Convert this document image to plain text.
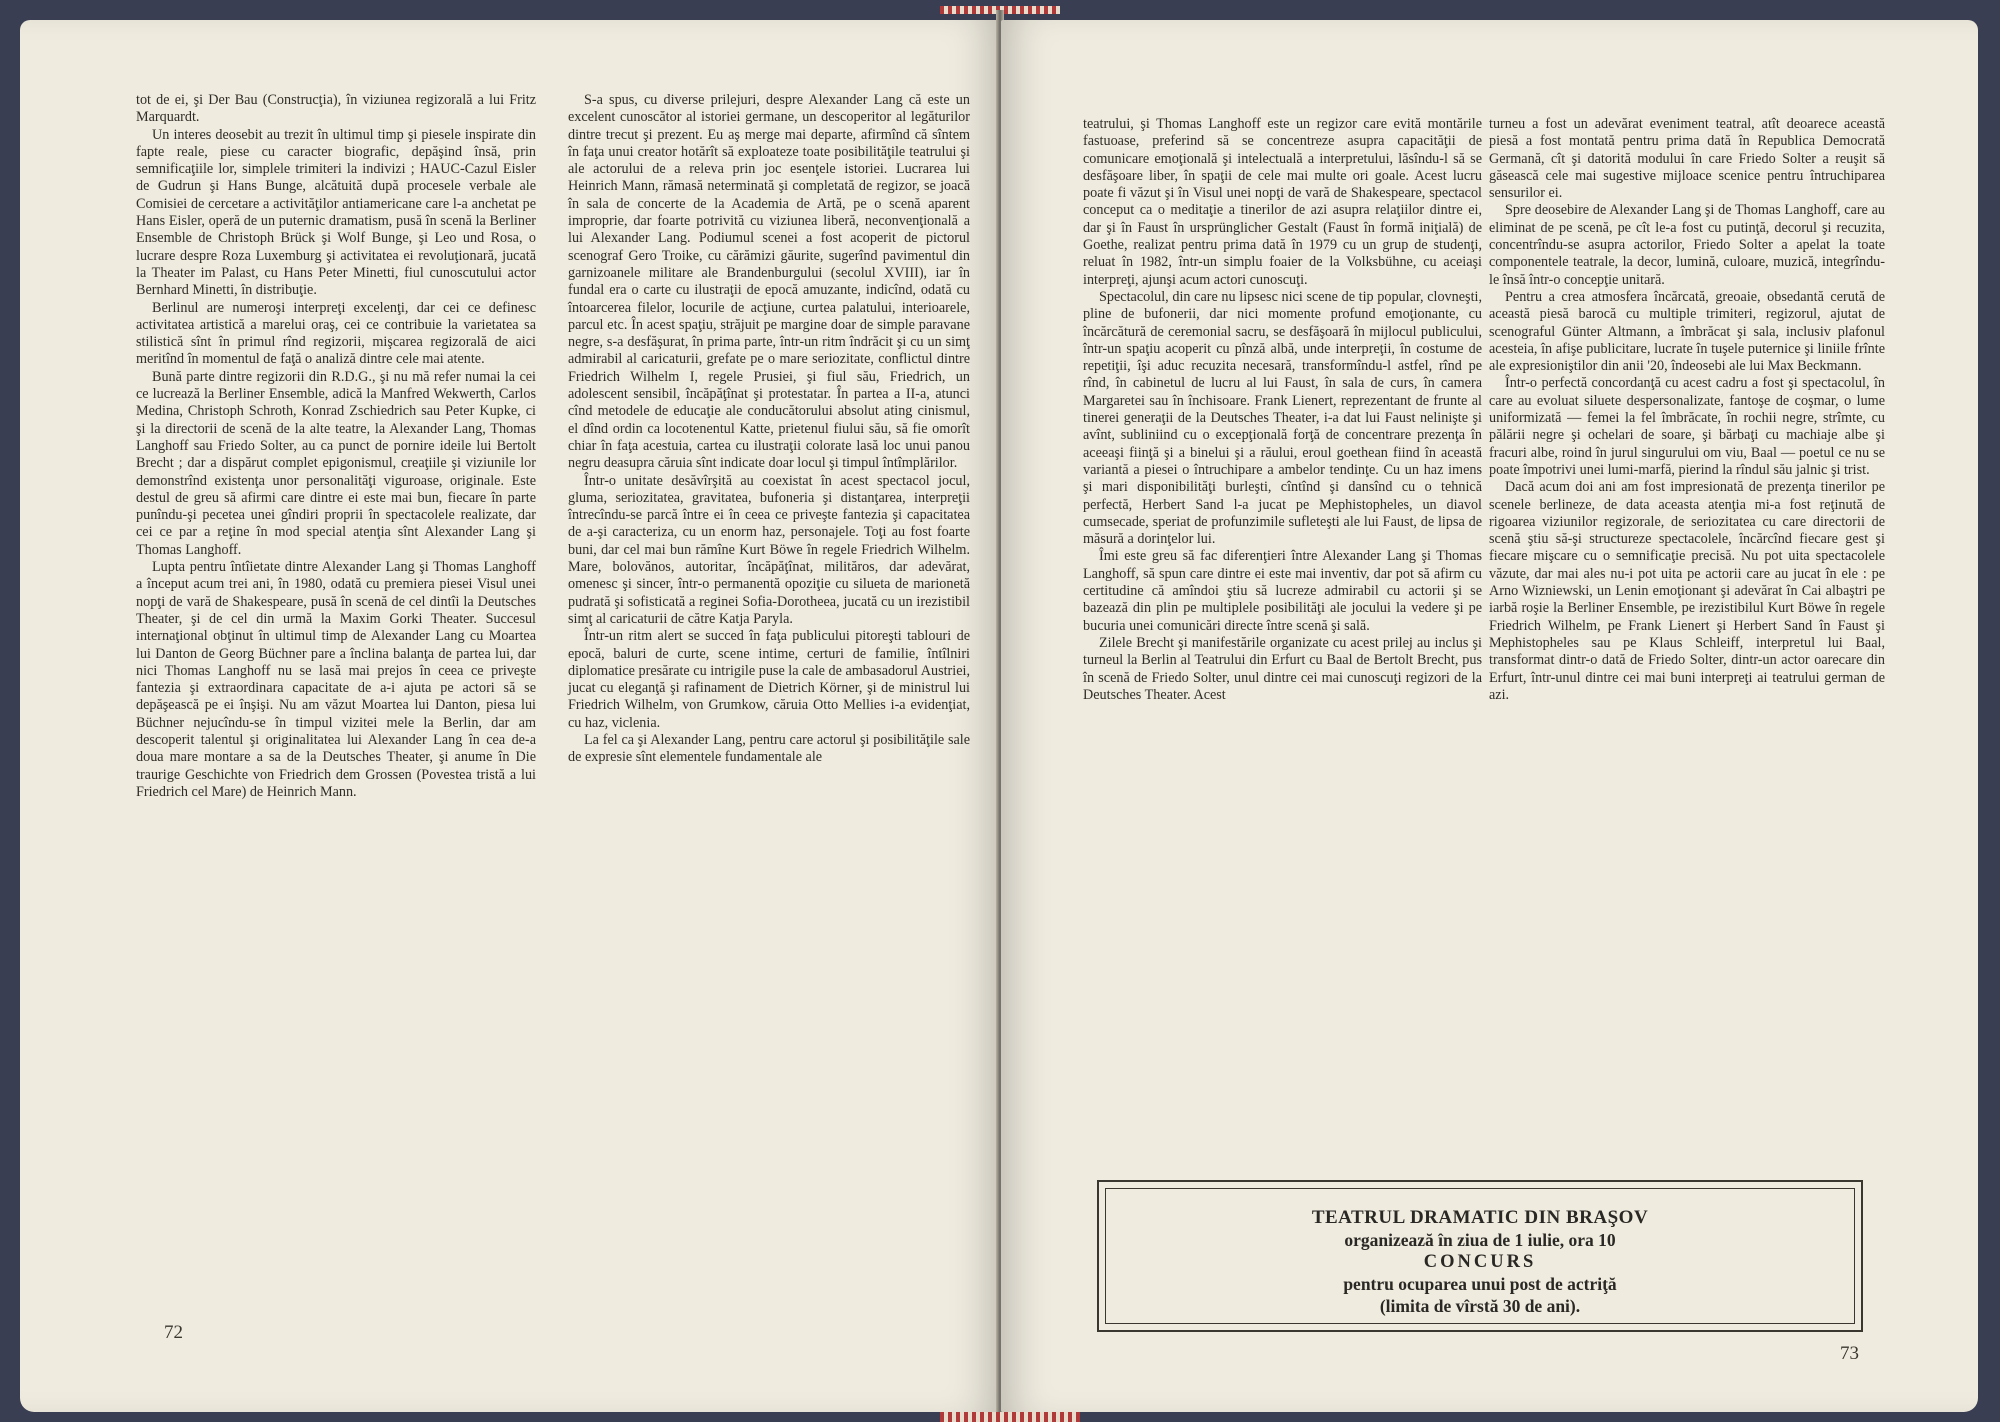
tot de ei, şi Der Bau (Construcţia), în viziunea regizorală a lui Fritz Marquardt.

Un interes deosebit au trezit în ultimul timp şi piesele inspirate din fapte reale, piese cu caracter biografic, depăşind însă, prin semnificaţiile lor, simplele trimiteri la indivizi ; HAUC-Cazul Eisler de Gudrun şi Hans Bunge, alcătuită după procesele verbale ale Comisiei de cercetare a activităţilor antiamericane care l-a anchetat pe Hans Eisler, operă de un puternic dramatism, pusă în scenă la Berliner Ensemble de Christoph Brück şi Wolf Bunge, şi Leo und Rosa, o lucrare despre Roza Luxemburg şi activitatea ei revoluţionară, jucată la Theater im Palast, cu Hans Peter Minetti, fiul cunoscutului actor Bernhard Minetti, în distribuţie.

Berlinul are numeroşi interpreţi excelenţi, dar cei ce definesc activitatea artistică a marelui oraş, cei ce contribuie la varietatea sa stilistică sînt în primul rînd regizorii, mişcarea regizorală de aici meritînd în momentul de faţă o analiză dintre cele mai atente.

Bună parte dintre regizorii din R.D.G., şi nu mă refer numai la cei ce lucrează la Berliner Ensemble, adică la Manfred Wekwerth, Carlos Medina, Christoph Schroth, Konrad Zschiedrich sau Peter Kupke, ci şi la directorii de scenă de la alte teatre, la Alexander Lang, Thomas Langhoff sau Friedo Solter, au ca punct de pornire ideile lui Bertolt Brecht ; dar a dispărut complet epigonismul, creaţiile şi viziunile lor demonstrînd existenţa unor personalităţi viguroase, originale. Este destul de greu să afirmi care dintre ei este mai bun, fiecare în parte punîndu-şi pecetea unei gîndiri proprii în spectacolele realizate, dar cei ce par a reţine în mod special atenţia sînt Alexander Lang şi Thomas Langhoff.

Lupta pentru întîietate dintre Alexander Lang şi Thomas Langhoff a început acum trei ani, în 1980, odată cu premiera piesei Visul unei nopţi de vară de Shakespeare, pusă în scenă de cel dintîi la Deutsches Theater, şi de cel din urmă la Maxim Gorki Theater. Succesul internaţional obţinut în ultimul timp de Alexander Lang cu Moartea lui Danton de Georg Büchner pare a înclina balanţa de partea lui, dar nici Thomas Langhoff nu se lasă mai prejos în ceea ce priveşte fantezia şi extraordinara capacitate de a-i ajuta pe actori să se depăşească pe ei înşişi. Nu am văzut Moartea lui Danton, piesa lui Büchner nejucîndu-se în timpul vizitei mele la Berlin, dar am descoperit talentul şi originalitatea lui Alexander Lang în cea de-a doua mare montare a sa de la Deutsches Theater, şi anume în Die traurige Geschichte von Friedrich dem Grossen (Povestea tristă a lui Friedrich cel Mare) de Heinrich Mann.

S-a spus, cu diverse prilejuri, despre Alexander Lang că este un excelent cunoscător al istoriei germane, un descoperitor al legăturilor dintre trecut şi prezent. Eu aş merge mai departe, afirmînd că sîntem în faţa unui creator hotărît să exploateze toate posibilităţile teatrului şi ale actorului de a releva prin joc esenţele istoriei. Lucrarea lui Heinrich Mann, rămasă neterminată şi completată de regizor, se joacă în sala de concerte de la Academia de Artă, pe o scenă aparent improprie, dar foarte potrivită cu viziunea liberă, neconvenţională a lui Alexander Lang. Podiumul scenei a fost acoperit de pictorul scenograf Gero Troike, cu cărămizi găurite, sugerînd pavimentul din garnizoanele militare ale Brandenburgului (secolul XVIII), iar în fundal era o carte cu ilustraţii de epocă amuzante, indicînd, odată cu întoarcerea filelor, locurile de acţiune, curtea palatului, interioarele, parcul etc. În acest spaţiu, străjuit pe margine doar de simple paravane negre, s-a desfăşurat, în prima parte, într-un ritm îndrăcit şi cu un simţ admirabil al caricaturii, grefate pe o mare seriozitate, conflictul dintre Friedrich Wilhelm I, regele Prusiei, şi fiul său, Friedrich, un adolescent sensibil, încăpăţînat şi protestatar. În partea a II-a, atunci cînd metodele de educaţie ale conducătorului absolut ating cinismul, el dînd ordin ca locotenentul Katte, prietenul fiului său, să fie omorît chiar în faţa acestuia, cartea cu ilustraţii colorate lasă loc unui panou negru deasupra căruia sînt indicate doar locul şi timpul întîmplărilor.

Într-o unitate desăvîrşită au coexistat în acest spectacol jocul, gluma, seriozitatea, gravitatea, bufoneria şi distanţarea, interpreţii întrecîndu-se parcă între ei în ceea ce priveşte fantezia şi capacitatea de a-şi caracteriza, cu un enorm haz, personajele. Toţi au fost foarte buni, dar cel mai bun rămîne Kurt Böwe în regele Friedrich Wilhelm. Mare, bolovănos, autoritar, încăpăţînat, milităros, dar adevărat, omenesc şi sincer, într-o permanentă opoziţie cu silueta de marionetă pudrată şi sofisticată a reginei Sofia-Dorotheea, jucată cu un irezistibil simţ al caricaturii de către Katja Paryla.

Într-un ritm alert se succed în faţa publicului pitoreşti tablouri de epocă, baluri de curte, scene intime, certuri de familie, întîlniri diplomatice presărate cu intrigile puse la cale de ambasadorul Austriei, jucat cu eleganţă şi rafinament de Dietrich Körner, şi de ministrul lui Friedrich Wilhelm, von Grumkow, căruia Otto Mellies i-a evidenţiat, cu haz, viclenia.

La fel ca şi Alexander Lang, pentru care actorul şi posibilităţile sale de expresie sînt elementele fundamentale ale

72

teatrului, şi Thomas Langhoff este un regizor care evită montările fastuoase, preferind să se concentreze asupra capacităţii de comunicare emoţională şi intelectuală a interpretului, lăsîndu-l să se desfăşoare liber, în spaţii de cele mai multe ori goale. Acest lucru poate fi văzut şi în Visul unei nopţi de vară de Shakespeare, spectacol conceput ca o meditaţie a tinerilor de azi asupra relaţiilor dintre ei, dar şi în Faust în ursprünglicher Gestalt (Faust în formă iniţială) de Goethe, realizat pentru prima dată în 1979 cu un grup de studenţi, reluat în 1982, într-un simplu foaier de la Volksbühne, cu aceiaşi interpreţi, ajunşi acum actori cunoscuţi.

Spectacolul, din care nu lipsesc nici scene de tip popular, clovneşti, pline de bufonerii, dar nici momente profund emoţionante, cu încărcătură de ceremonial sacru, se desfăşoară în mijlocul publicului, într-un spaţiu acoperit cu pînză albă, unde interpreţii, în costume de repetiţii, îşi aduc recuzita necesară, transformîndu-l astfel, rînd pe rînd, în cabinetul de lucru al lui Faust, în sala de curs, în camera Margaretei sau în închisoare. Frank Lienert, reprezentant de frunte al tinerei generaţii de la Deutsches Theater, i-a dat lui Faust nelinişte şi avînt, subliniind cu o excepţională forţă de concentrare prezenţa în aceeaşi fiinţă şi a binelui şi a răului, eroul goethean fiind în această variantă a piesei o întruchipare a ambelor tendinţe. Cu un haz imens şi mari disponibilităţi burleşti, cîntînd şi dansînd cu o tehnică perfectă, Herbert Sand l-a jucat pe Mephistopheles, un diavol cumsecade, speriat de profunzimile sufleteşti ale lui Faust, de lipsa de măsură a dorinţelor lui.

Îmi este greu să fac diferenţieri între Alexander Lang şi Thomas Langhoff, să spun care dintre ei este mai inventiv, dar pot să afirm cu certitudine că amîndoi ştiu să lucreze admirabil cu actorii şi se bazează din plin pe multiplele posibilităţi ale jocului la vedere şi pe bucuria unei comunicări directe între scenă şi sală.

Zilele Brecht şi manifestările organizate cu acest prilej au inclus şi turneul la Berlin al Teatrului din Erfurt cu Baal de Bertolt Brecht, pus în scenă de Friedo Solter, unul dintre cei mai cunoscuţi regizori de la Deutsches Theater. Acest

turneu a fost un adevărat eveniment teatral, atît deoarece această piesă a fost montată pentru prima dată în Republica Democrată Germană, cît şi datorită modului în care Friedo Solter a reuşit să găsească cele mai sugestive mijloace scenice pentru întruchiparea sensurilor ei.

Spre deosebire de Alexander Lang şi de Thomas Langhoff, care au eliminat de pe scenă, pe cît le-a fost cu putinţă, decorul şi recuzita, concentrîndu-se asupra actorilor, Friedo Solter a apelat la toate componentele teatrale, la decor, lumină, culoare, muzică, integrîndu-le însă într-o concepţie unitară.

Pentru a crea atmosfera încărcată, greoaie, obsedantă cerută de această piesă barocă cu multiple trimiteri, regizorul, ajutat de scenograful Günter Altmann, a îmbrăcat şi sala, inclusiv plafonul acesteia, în afişe publicitare, lucrate în tuşele puternice şi liniile frînte ale expresioniştilor din anii '20, îndeosebi ale lui Max Beckmann.

Într-o perfectă concordanţă cu acest cadru a fost şi spectacolul, în care au evoluat siluete despersonalizate, fantoşe de coşmar, o lume uniformizată — femei la fel îmbrăcate, în rochii negre, strîmte, cu pălării negre şi ochelari de soare, şi bărbaţi cu machiaje albe şi fracuri albe, roind în jurul singurului om viu, Baal — poetul ce nu se poate împotrivi unei lumi-marfă, pierind la rîndul său jalnic şi trist.

Dacă acum doi ani am fost impresionată de prezenţa tinerilor pe scenele berlineze, de data aceasta atenţia mi-a fost reţinută de rigoarea viziunilor regizorale, de seriozitatea cu care directorii de scenă ştiu să-şi structureze spectacolele, încărcînd fiecare gest şi fiecare mişcare cu o semnificaţie precisă. Nu pot uita spectacolele văzute, dar mai ales nu-i pot uita pe actorii care au jucat în ele : pe Arno Wizniewski, un Lenin emoţionant şi adevărat în Cai albaştri pe iarbă roşie la Berliner Ensemble, pe irezistibilul Kurt Böwe în regele Friedrich Wilhelm, pe Frank Lienert şi Herbert Sand în Faust şi Mephistopheles sau pe Klaus Schleiff, interpretul lui Baal, transformat dintr-o dată de Friedo Solter, dintr-un actor oarecare din Erfurt, într-unul dintre cei mai buni interpreţi ai teatrului german de azi.

TEATRUL DRAMATIC DIN BRAŞOV
organizează în ziua de 1 iulie, ora 10
CONCURS
pentru ocuparea unui post de actriţă
(limita de vîrstă 30 de ani).
73
